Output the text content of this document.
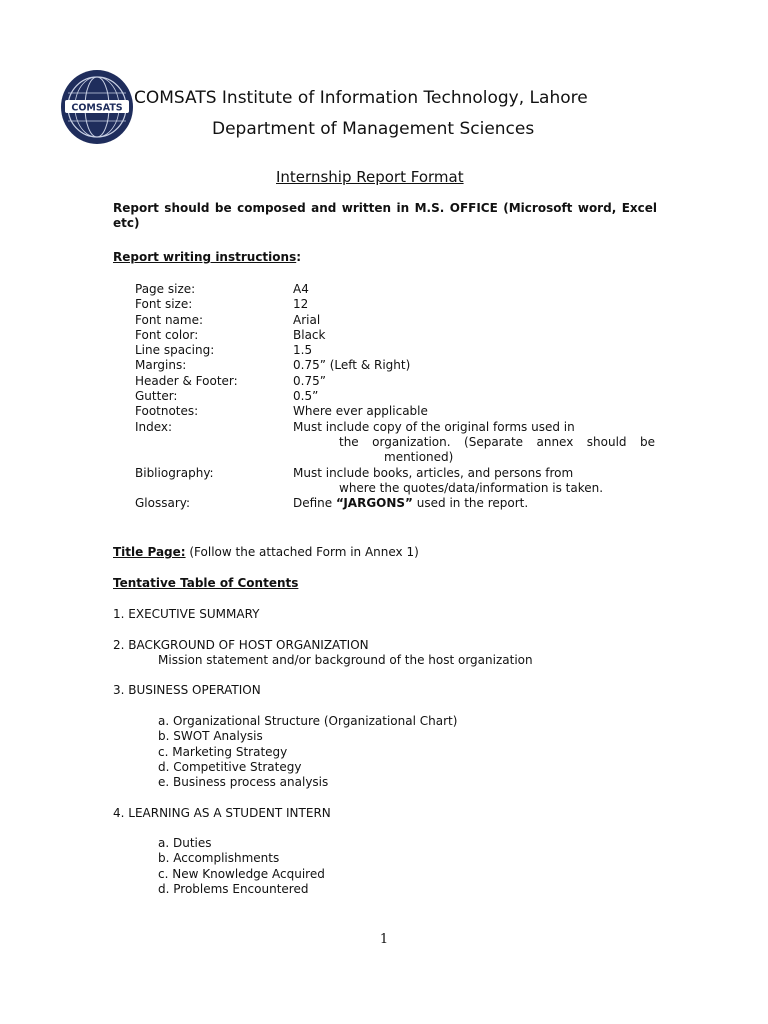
COMSATS COMSATS Institute of Information Technology, Lahore
Department of Management Sciences
Internship Report Format
Report should be composed and written in M.S. OFFICE (Microsoft word, Excel etc)
Report writing instructions:
Page size:	A4
Font size:	12
Font name:	Arial
Font color:	Black
Line spacing:	1.5
Margins:	0.75” (Left & Right)
Header & Footer:	0.75”
Gutter:	0.5”
Footnotes:	Where ever applicable
Index:	Must include copy of the original forms used in
the organization. (Separate annex should be
mentioned)
Bibliography:	Must include books, articles, and persons from
where the quotes/data/information is taken.
Glossary:	Define “JARGONS” used in the report.
Title Page: (Follow the attached Form in Annex 1)
Tentative Table of Contents
1. EXECUTIVE SUMMARY
2. BACKGROUND OF HOST ORGANIZATION
Mission statement and/or background of the host organization
3. BUSINESS OPERATION
a. Organizational Structure (Organizational Chart)
b. SWOT Analysis
c. Marketing Strategy
d. Competitive Strategy
e. Business process analysis
4. LEARNING AS A STUDENT INTERN
a. Duties
b. Accomplishments
c. New Knowledge Acquired
d. Problems Encountered
1
